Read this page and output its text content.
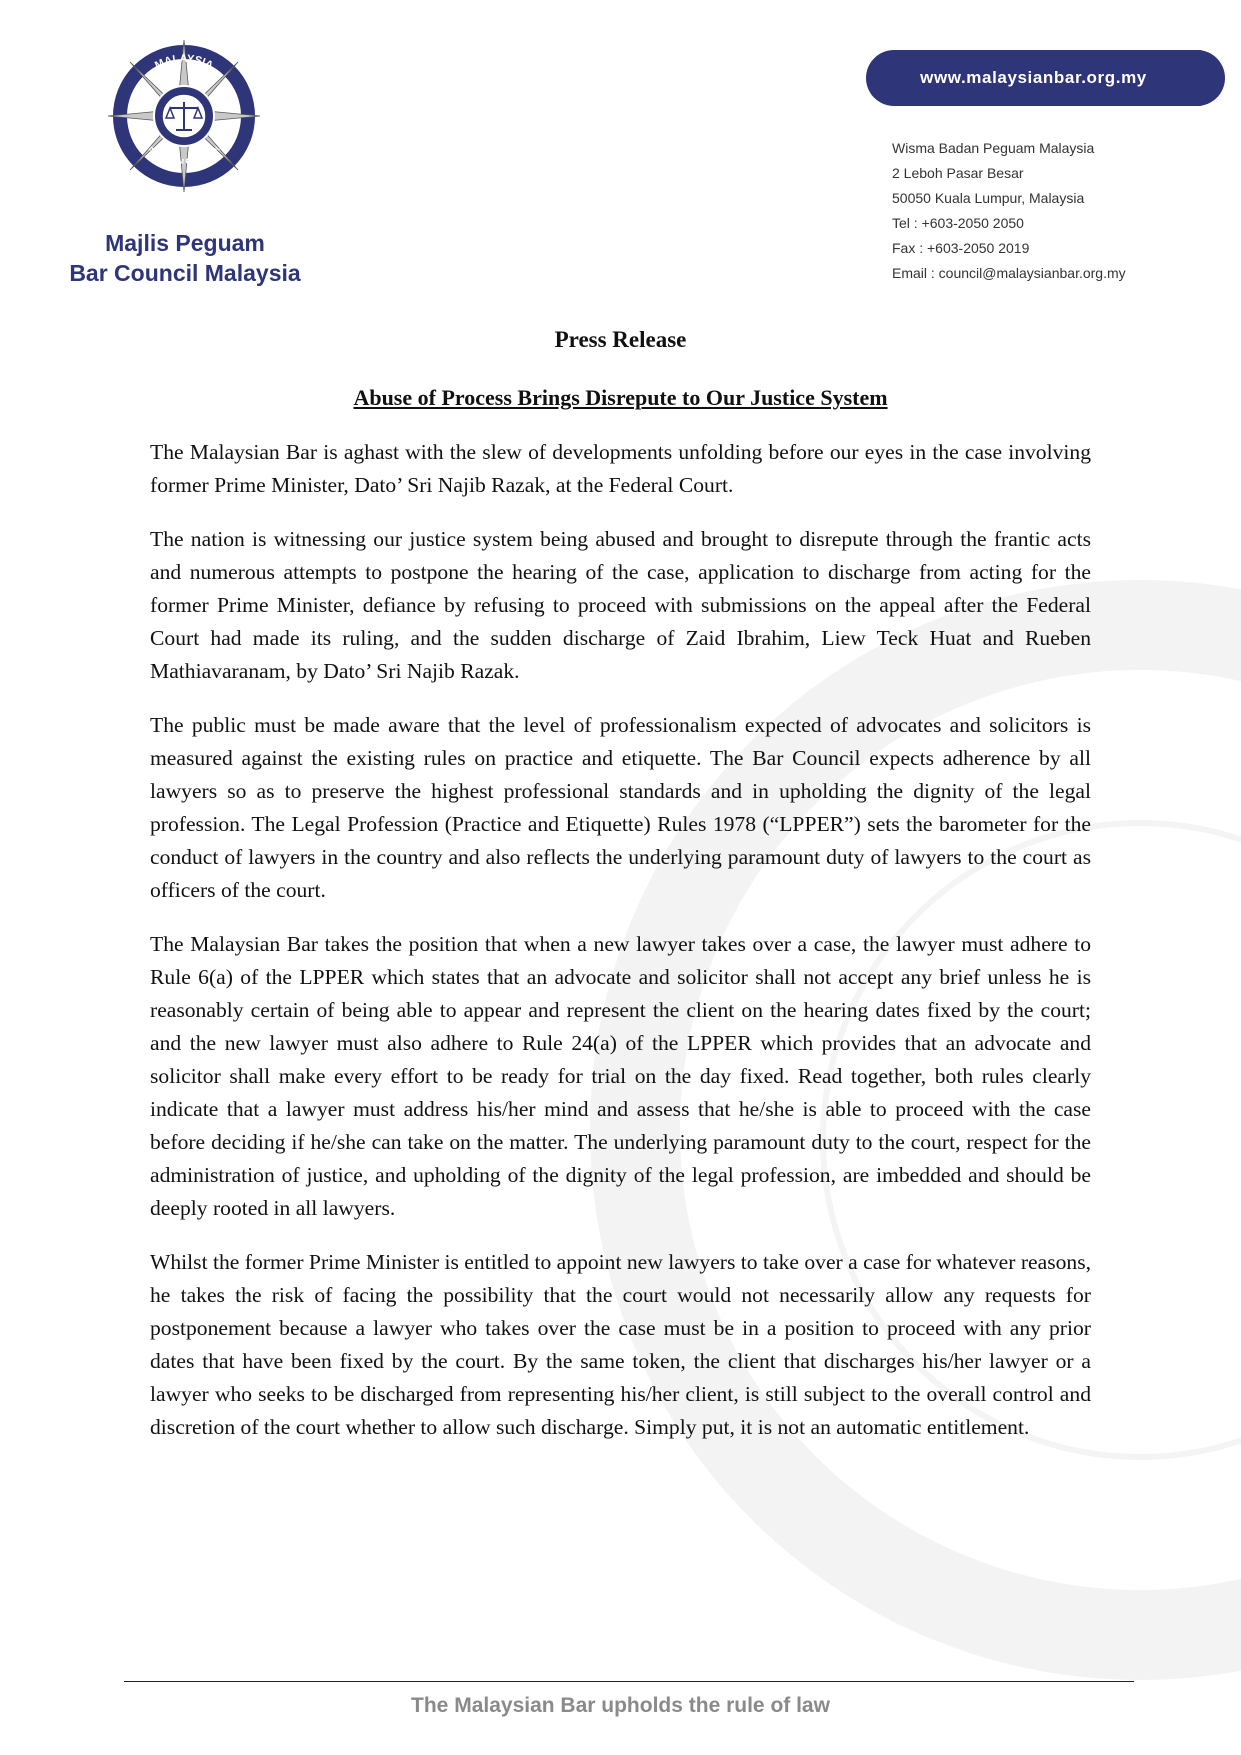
MALAYSIA
MAJLIS PEGUAM ✪ BAR COUNCIL
Majlis Peguam
Bar Council Malaysia
www.malaysianbar.org.my
Wisma Badan Peguam Malaysia
2 Leboh Pasar Besar
50050 Kuala Lumpur, Malaysia
Tel : +603-2050 2050
Fax : +603-2050 2019
Email : council@malaysianbar.org.my
Press Release
Abuse of Process Brings Disrepute to Our Justice System

The Malaysian Bar is aghast with the slew of developments unfolding before our eyes in the case involving former Prime Minister, Dato’ Sri Najib Razak, at the Federal Court.

The nation is witnessing our justice system being abused and brought to disrepute through the frantic acts and numerous attempts to postpone the hearing of the case, application to discharge from acting for the former Prime Minister, defiance by refusing to proceed with submissions on the appeal after the Federal Court had made its ruling, and the sudden discharge of Zaid Ibrahim, Liew Teck Huat and Rueben Mathiavaranam, by Dato’ Sri Najib Razak.

The public must be made aware that the level of professionalism expected of advocates and solicitors is measured against the existing rules on practice and etiquette. The Bar Council expects adherence by all lawyers so as to preserve the highest professional standards and in upholding the dignity of the legal profession. The Legal Profession (Practice and Etiquette) Rules 1978 (“LPPER”) sets the barometer for the conduct of lawyers in the country and also reflects the underlying paramount duty of lawyers to the court as officers of the court.

The Malaysian Bar takes the position that when a new lawyer takes over a case, the lawyer must adhere to Rule 6(a) of the LPPER which states that an advocate and solicitor shall not accept any brief unless he is reasonably certain of being able to appear and represent the client on the hearing dates fixed by the court; and the new lawyer must also adhere to Rule 24(a) of the LPPER which provides that an advocate and solicitor shall make every effort to be ready for trial on the day fixed. Read together, both rules clearly indicate that a lawyer must address his/her mind and assess that he/she is able to proceed with the case before deciding if he/she can take on the matter. The underlying paramount duty to the court, respect for the administration of justice, and upholding of the dignity of the legal profession, are imbedded and should be deeply rooted in all lawyers.

Whilst the former Prime Minister is entitled to appoint new lawyers to take over a case for whatever reasons, he takes the risk of facing the possibility that the court would not necessarily allow any requests for postponement because a lawyer who takes over the case must be in a position to proceed with any prior dates that have been fixed by the court. By the same token, the client that discharges his/her lawyer or a lawyer who seeks to be discharged from representing his/her client, is still subject to the overall control and discretion of the court whether to allow such discharge. Simply put, it is not an automatic entitlement.

The Malaysian Bar upholds the rule of law
